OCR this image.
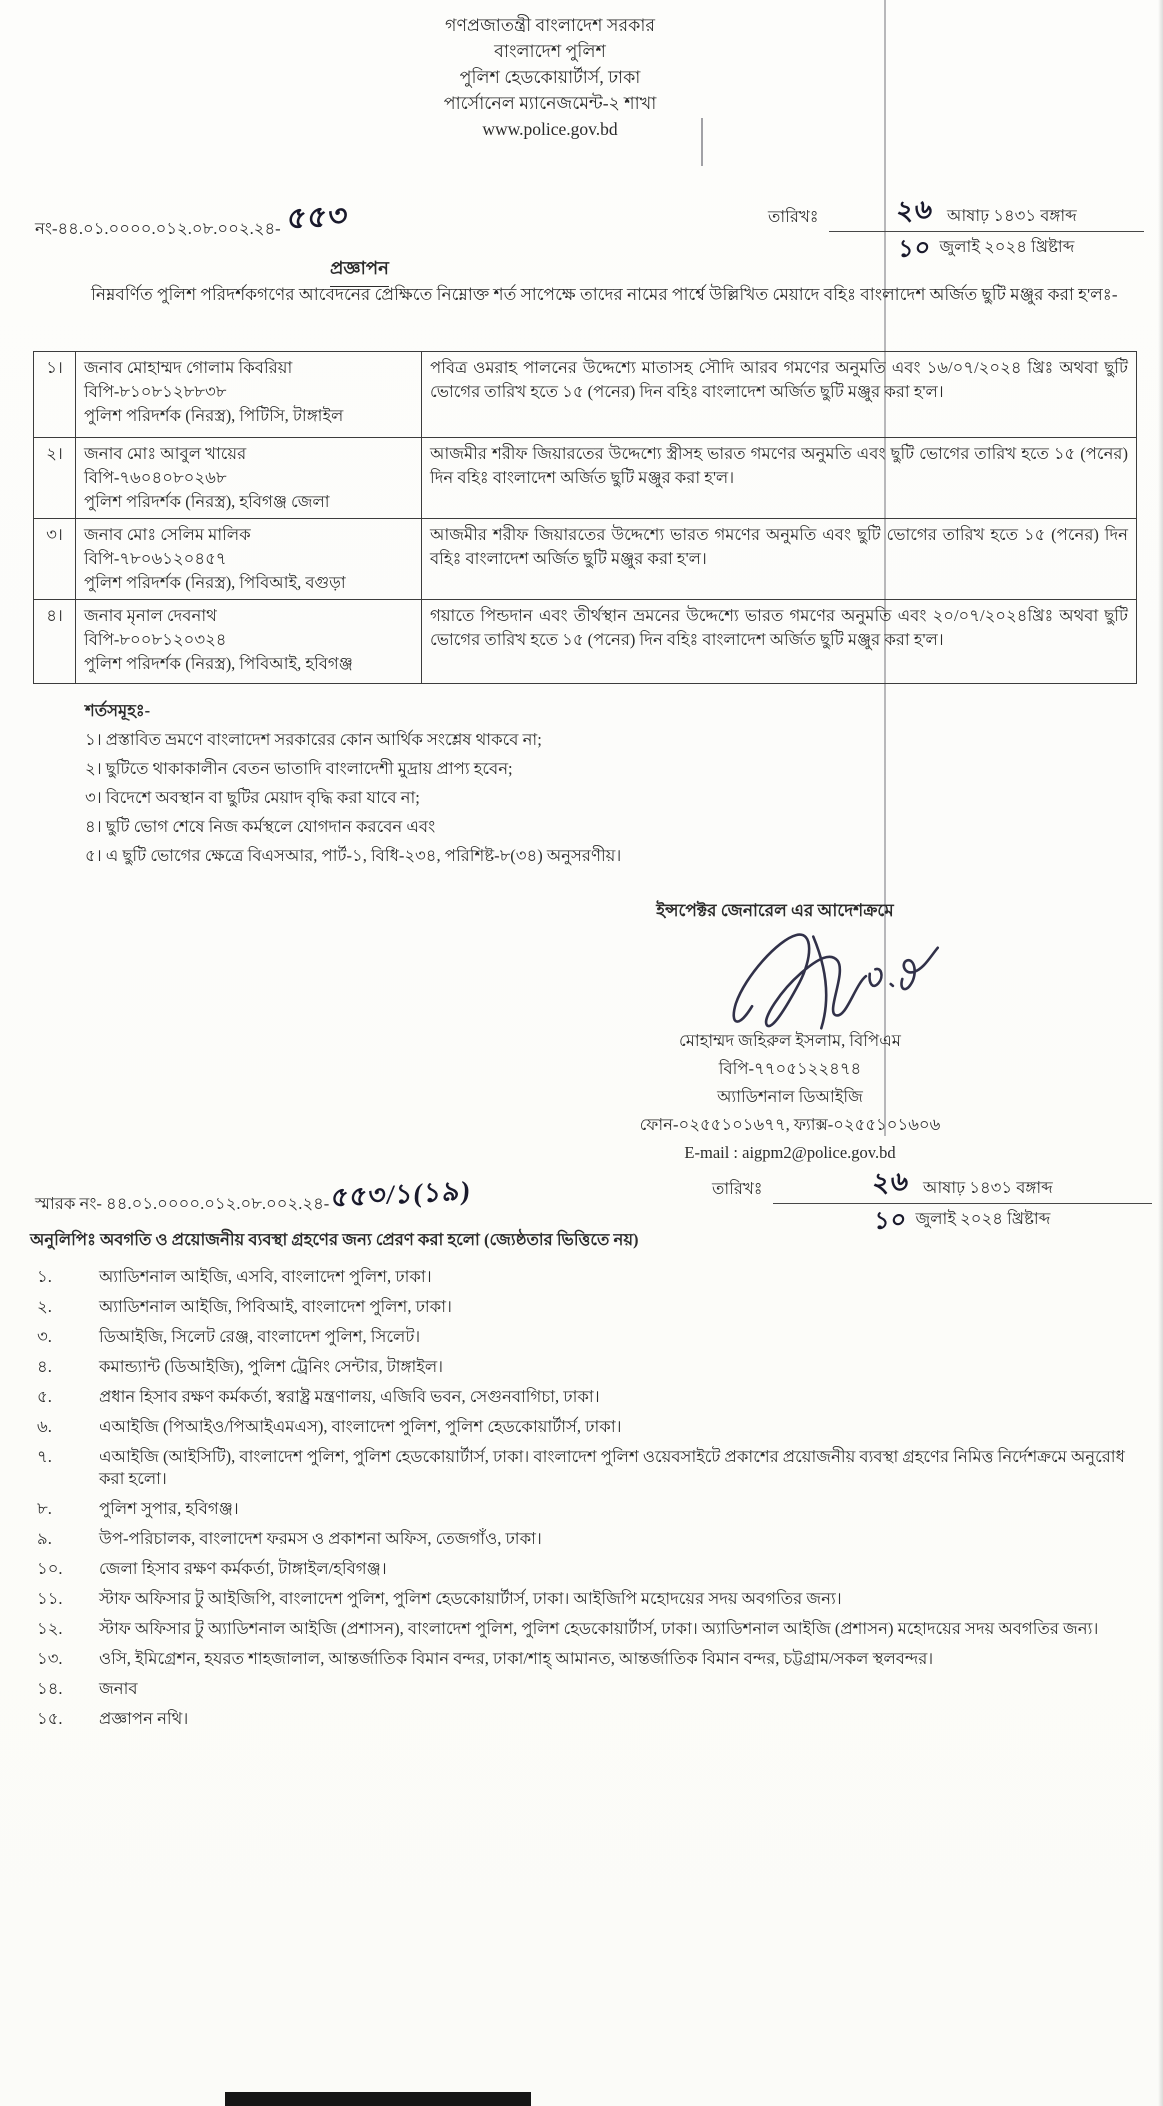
গণপ্রজাতন্ত্রী বাংলাদেশ সরকার
বাংলাদেশ পুলিশ
পুলিশ হেডকোয়ার্টার্স, ঢাকা
পার্সোনেল ম্যানেজমেন্ট-২ শাখা
www.police.gov.bd
নং-৪৪.০১.০০০০.০১২.০৮.০০২.২৪- ৫৫৩	তারিখঃ	২৬ আষাঢ় ১৪৩১ বঙ্গাব্দ
১০ জুলাই ২০২৪ খ্রিষ্টাব্দ
প্রজ্ঞাপন
নিম্নবর্ণিত পুলিশ পরিদর্শকগণের আবেদনের প্রেক্ষিতে নিম্নোক্ত শর্ত সাপেক্ষে তাদের নামের পার্শ্বে উল্লিখিত মেয়াদে বহিঃ বাংলাদেশ অর্জিত ছুটি মঞ্জুর করা হ'লঃ-
১।	জনাব মোহাম্মদ গোলাম কিবরিয়া
বিপি-৮১০৮১২৮৮৩৮
পুলিশ পরিদর্শক (নিরস্ত্র), পিটিসি, টাঙ্গাইল	পবিত্র ওমরাহ পালনের উদ্দেশ্যে মাতাসহ সৌদি আরব গমণের অনুমতি এবং ১৬/০৭/২০২৪ খ্রিঃ অথবা ছুটি ভোগের তারিখ হতে ১৫ (পনের) দিন বহিঃ বাংলাদেশ অর্জিত ছুটি মঞ্জুর করা হ'ল।
২।	জনাব মোঃ আবুল খায়ের
বিপি-৭৬০৪০৮০২৬৮
পুলিশ পরিদর্শক (নিরস্ত্র), হবিগঞ্জ জেলা	আজমীর শরীফ জিয়ারতের উদ্দেশ্যে স্ত্রীসহ ভারত গমণের অনুমতি এবং ছুটি ভোগের তারিখ হতে ১৫ (পনের) দিন বহিঃ বাংলাদেশ অর্জিত ছুটি মঞ্জুর করা হ'ল।
৩।	জনাব মোঃ সেলিম মালিক
বিপি-৭৮০৬১২০৪৫৭
পুলিশ পরিদর্শক (নিরস্ত্র), পিবিআই, বগুড়া	আজমীর শরীফ জিয়ারতের উদ্দেশ্যে ভারত গমণের অনুমতি এবং ছুটি ভোগের তারিখ হতে ১৫ (পনের) দিন বহিঃ বাংলাদেশ অর্জিত ছুটি মঞ্জুর করা হ'ল।
৪।	জনাব মৃনাল দেবনাথ
বিপি-৮০০৮১২০৩২৪
পুলিশ পরিদর্শক (নিরস্ত্র), পিবিআই, হবিগঞ্জ	গয়াতে পিন্ডদান এবং তীর্থস্থান ভ্রমনের উদ্দেশ্যে ভারত গমণের অনুমতি এবং ২০/০৭/২০২৪খ্রিঃ অথবা ছুটি ভোগের তারিখ হতে ১৫ (পনের) দিন বহিঃ বাংলাদেশ অর্জিত ছুটি মঞ্জুর করা হ'ল।
শর্তসমূহঃ-
১। প্রস্তাবিত ভ্রমণে বাংলাদেশ সরকারের কোন আর্থিক সংশ্লেষ থাকবে না;
২। ছুটিতে থাকাকালীন বেতন ভাতাদি বাংলাদেশী মুদ্রায় প্রাপ্য হবেন;
৩। বিদেশে অবস্থান বা ছুটির মেয়াদ বৃদ্ধি করা যাবে না;
৪। ছুটি ভোগ শেষে নিজ কর্মস্থলে যোগদান করবেন এবং
৫। এ ছুটি ভোগের ক্ষেত্রে বিএসআর, পার্ট-১, বিধি-২৩৪, পরিশিষ্ট-৮(৩৪) অনুসরণীয়।
ইন্সপেক্টর জেনারেল এর আদেশক্রমে
মোহাম্মদ জহিরুল ইসলাম, বিপিএম
বিপি-৭৭০৫১২২৪৭৪
অ্যাডিশনাল ডিআইজি
ফোন-০২৫৫১০১৬৭৭, ফ্যাক্স-০২৫৫১০১৬০৬
E-mail : aigpm2@police.gov.bd
স্মারক নং- ৪৪.০১.০০০০.০১২.০৮.০০২.২৪-৫৫৩/১(১৯)	তারিখঃ	২৬ আষাঢ় ১৪৩১ বঙ্গাব্দ
১০ জুলাই ২০২৪ খ্রিষ্টাব্দ
অনুলিপিঃ অবগতি ও প্রয়োজনীয় ব্যবস্থা গ্রহণের জন্য প্রেরণ করা হলো (জ্যেষ্ঠতার ভিত্তিতে নয়)
১.	অ্যাডিশনাল আইজি, এসবি, বাংলাদেশ পুলিশ, ঢাকা।
২.	অ্যাডিশনাল আইজি, পিবিআই, বাংলাদেশ পুলিশ, ঢাকা।
৩.	ডিআইজি, সিলেট রেঞ্জ, বাংলাদেশ পুলিশ, সিলেট।
৪.	কমান্ড্যান্ট (ডিআইজি), পুলিশ ট্রেনিং সেন্টার, টাঙ্গাইল।
৫.	প্রধান হিসাব রক্ষণ কর্মকর্তা, স্বরাষ্ট্র মন্ত্রণালয়, এজিবি ভবন, সেগুনবাগিচা, ঢাকা।
৬.	এআইজি (পিআইও/পিআইএমএস), বাংলাদেশ পুলিশ, পুলিশ হেডকোয়ার্টার্স, ঢাকা।
৭.	এআইজি (আইসিটি), বাংলাদেশ পুলিশ, পুলিশ হেডকোয়ার্টার্স, ঢাকা। বাংলাদেশ পুলিশ ওয়েবসাইটে প্রকাশের প্রয়োজনীয় ব্যবস্থা গ্রহণের নিমিত্ত নির্দেশক্রমে অনুরোধ করা হলো।
৮.	পুলিশ সুপার, হবিগঞ্জ।
৯.	উপ-পরিচালক, বাংলাদেশ ফরমস ও প্রকাশনা অফিস, তেজগাঁও, ঢাকা।
১০.	জেলা হিসাব রক্ষণ কর্মকর্তা, টাঙ্গাইল/হবিগঞ্জ।
১১.	স্টাফ অফিসার টু আইজিপি, বাংলাদেশ পুলিশ, পুলিশ হেডকোয়ার্টার্স, ঢাকা। আইজিপি মহোদয়ের সদয় অবগতির জন্য।
১২.	স্টাফ অফিসার টু অ্যাডিশনাল আইজি (প্রশাসন), বাংলাদেশ পুলিশ, পুলিশ হেডকোয়ার্টার্স, ঢাকা। অ্যাডিশনাল আইজি (প্রশাসন) মহোদয়ের সদয় অবগতির জন্য।
১৩.	ওসি, ইমিগ্রেশন, হযরত শাহজালাল, আন্তর্জাতিক বিমান বন্দর, ঢাকা/শাহ্ আমানত, আন্তর্জাতিক বিমান বন্দর, চট্টগ্রাম/সকল স্থলবন্দর।
১৪.	জনাব
১৫.	প্রজ্ঞাপন নথি।
